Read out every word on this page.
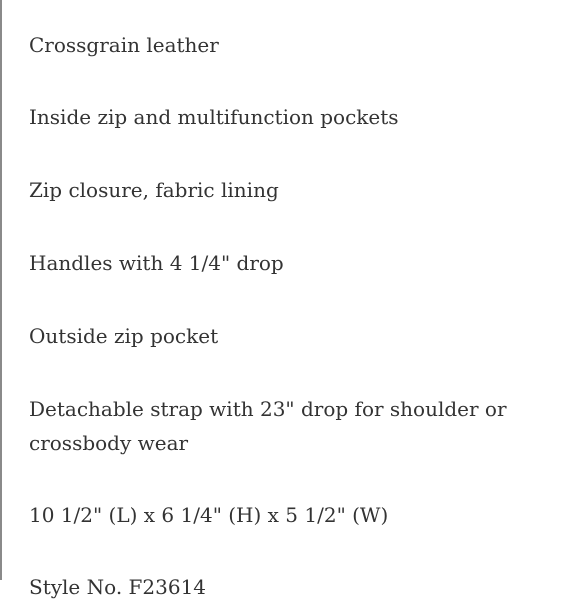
Crossgrain leather
Inside zip and multifunction pockets
Zip closure, fabric lining
Handles with 4 1/4" drop
Outside zip pocket
Detachable strap with 23" drop for shoulder or crossbody wear
10 1/2" (L) x 6 1/4" (H) x 5 1/2" (W)
Style No. F23614
